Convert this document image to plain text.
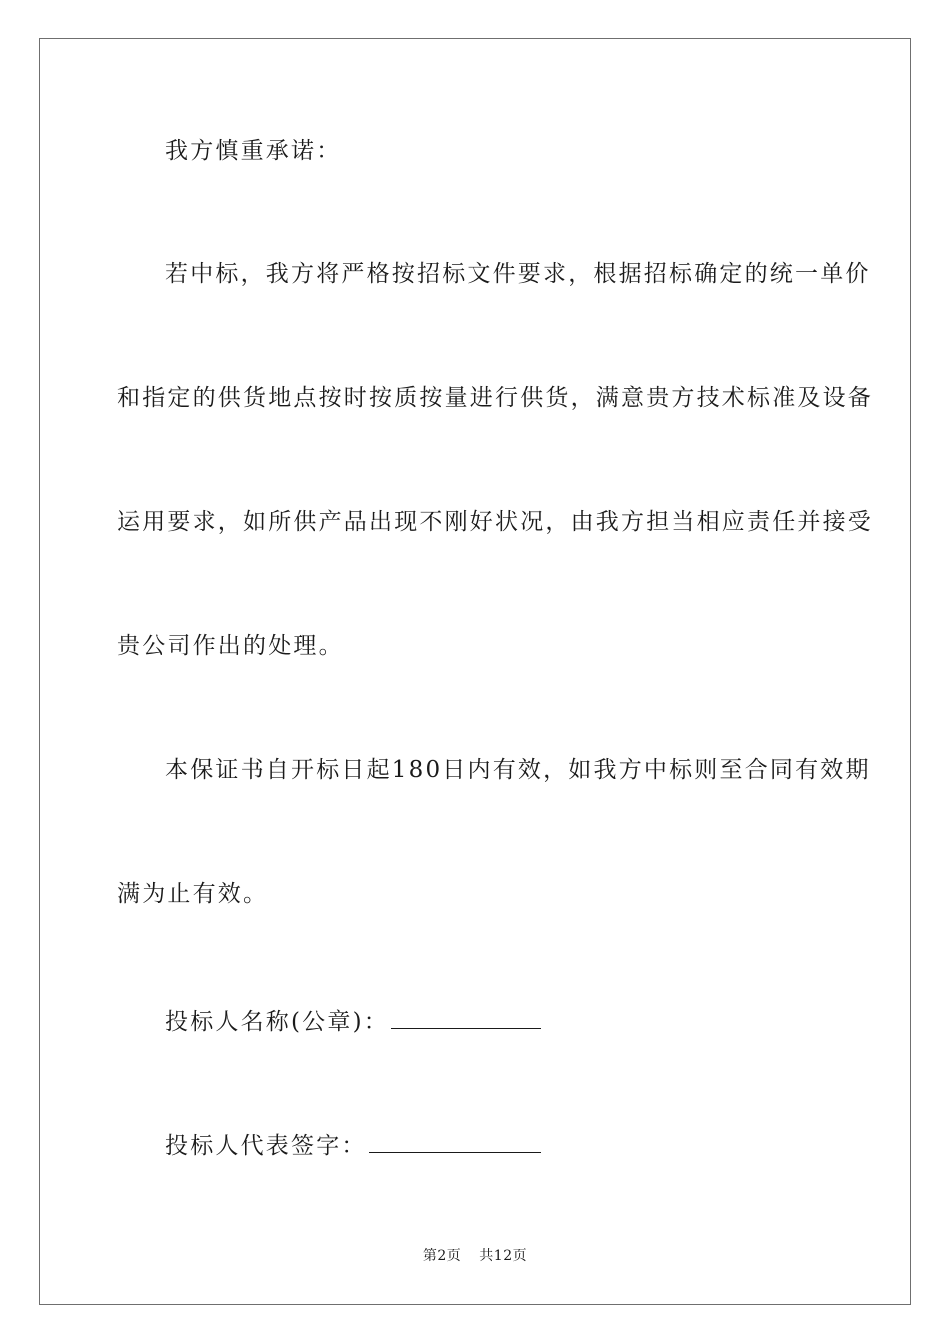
我方慎重承诺：
若中标，我方将严格按招标文件要求，根据招标确定的统一单价
和指定的供货地点按时按质按量进行供货，满意贵方技术标准及设备
运用要求，如所供产品出现不刚好状况，由我方担当相应责任并接受
贵公司作出的处理。
本保证书自开标日起180日内有效，如我方中标则至合同有效期
满为止有效。
投标人名称(公章)：
投标人代表签字：
第2页 共12页
